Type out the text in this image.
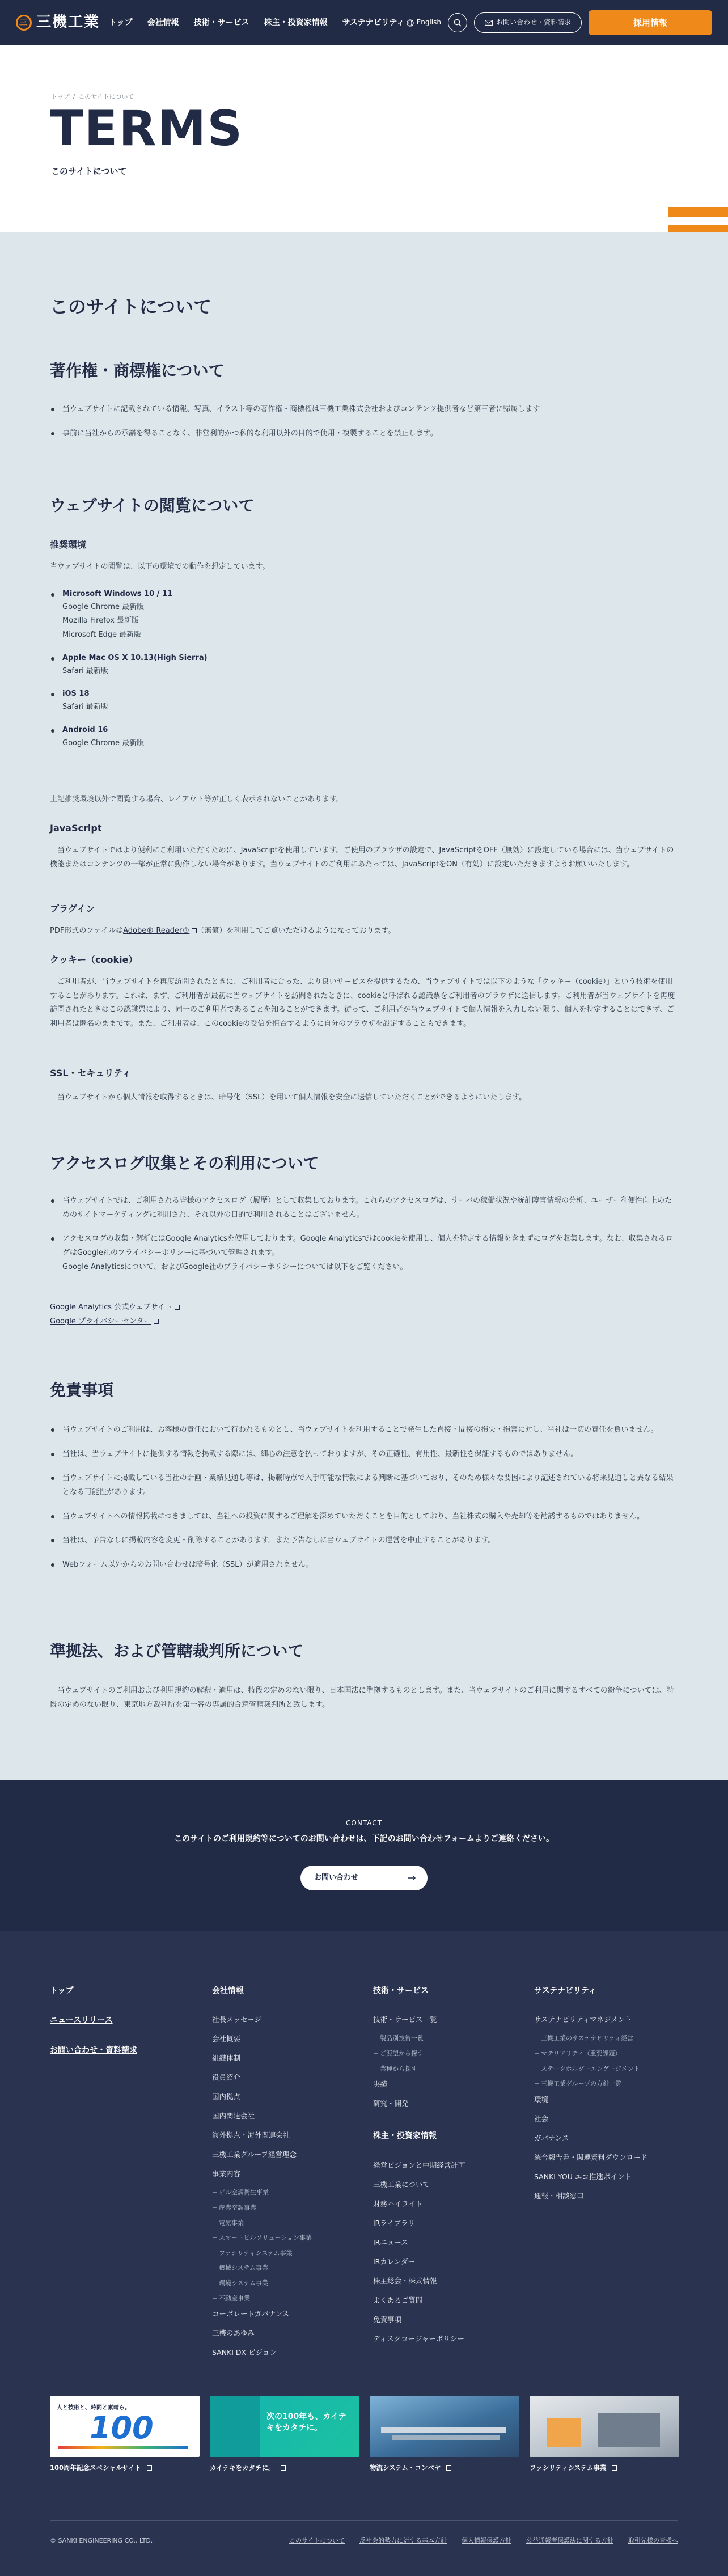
三 三機工業 トップ 会社情報 技術・サービス 株主・投資家情報 サステナビリティ English	お問い合わせ・資料請求	採用情報
トップ / このサイトについて
TERMS
このサイトについて
このサイトについて
著作権・商標権について
当ウェブサイトに記載されている情報、写真、イラスト等の著作権・商標権は三機工業株式会社およびコンテンツ提供者など第三者に帰属します
事前に当社からの承諾を得ることなく、非営利的かつ私的な利用以外の目的で使用・複製することを禁止します。
ウェブサイトの閲覧について
推奨環境

当ウェブサイトの閲覧は、以下の環境での動作を想定しています。

Microsoft Windows 10 / 11
Google Chrome 最新版
Mozilla Firefox 最新版
Microsoft Edge 最新版
Apple Mac OS X 10.13(High Sierra)
Safari 最新版
iOS 18
Safari 最新版
Android 16
Google Chrome 最新版

上記推奨環境以外で閲覧する場合、レイアウト等が正しく表示されないことがあります。

JavaScript

当ウェブサイトではより便利にご利用いただくために、JavaScriptを使用しています。ご使用のブラウザの設定で、JavaScriptをOFF（無効）に設定している場合には、当ウェブサイトの機能またはコンテンツの一部が正常に動作しない場合があります。当ウェブサイトのご利用にあたっては、JavaScriptをON（有効）に設定いただきますようお願いいたします。

プラグイン

PDF形式のファイルはAdobe® Reader® （無償）を利用してご覧いただけるようになっております。

クッキー（cookie）

ご利用者が、当ウェブサイトを再度訪問されたときに、ご利用者に合った、より良いサービスを提供するため、当ウェブサイトでは以下のような「クッキー（cookie）」という技術を使用することがあります。これは、まず、ご利用者が最初に当ウェブサイトを訪問されたときに、cookieと呼ばれる認識票をご利用者のブラウザに送信します。ご利用者が当ウェブサイトを再度訪問されたときはこの認識票により、同一のご利用者であることを知ることができます。従って、ご利用者が当ウェブサイトで個人情報を入力しない限り、個人を特定することはできず、ご利用者は匿名のままです。また、ご利用者は、このcookieの受信を拒否するように自分のブラウザを設定することもできます。

SSL・セキュリティ

当ウェブサイトから個人情報を取得するときは、暗号化（SSL）を用いて個人情報を安全に送信していただくことができるようにいたします。

アクセスログ収集とその利用について
当ウェブサイトでは、ご利用される皆様のアクセスログ（履歴）として収集しております。これらのアクセスログは、サーバの稼働状況や統計障害情報の分析、ユーザー利便性向上のためのサイトマーケティングに利用され、それ以外の目的で利用されることはございません。
アクセスログの収集・解析にはGoogle Analyticsを使用しております。Google Analyticsではcookieを使用し、個人を特定する情報を含まずにログを収集します。なお、収集されるログはGoogle社のプライバシーポリシーに基づいて管理されます。
Google Analyticsについて、およびGoogle社のプライバシーポリシーについては以下をご覧ください。
Google Analytics 公式ウェブサイト
Google プライバシーセンター
免責事項
当ウェブサイトのご利用は、お客様の責任において行われるものとし、当ウェブサイトを利用することで発生した直接・間接の損失・損害に対し、当社は一切の責任を負いません。
当社は、当ウェブサイトに提供する情報を掲載する際には、細心の注意を払っておりますが、その正確性、有用性、最新性を保証するものではありません。
当ウェブサイトに掲載している当社の計画・業績見通し等は、掲載時点で入手可能な情報による判断に基づいており、そのため様々な要因により記述されている将来見通しと異なる結果となる可能性があります。
当ウェブサイトへの情報掲載につきましては、当社への投資に関するご理解を深めていただくことを目的としており、当社株式の購入や売却等を勧誘するものではありません。
当社は、予告なしに掲載内容を変更・削除することがあります。また予告なしに当ウェブサイトの運営を中止することがあります。
Webフォーム以外からのお問い合わせは暗号化（SSL）が適用されません。
準拠法、および管轄裁判所について

当ウェブサイトのご利用および利用規約の解釈・適用は、特段の定めのない限り、日本国法に準拠するものとします。また、当ウェブサイトのご利用に関するすべての紛争については、特段の定めのない限り、東京地方裁判所を第一審の専属的合意管轄裁判所と致します。

CONTACT
このサイトのご利用規約等についてのお問い合わせは、下記のお問い合わせフォームよりご連絡ください。
お問い合わせ
トップ
ニュースリリース
お問い合わせ・資料請求
会社情報
社長メッセージ
会社概要
組織体制
役員紹介
国内拠点
国内関連会社
海外拠点・海外関連会社
三機工業グループ経営理念
事業内容
− ビル空調衛生事業
− 産業空調事業
− 電気事業
− スマートビルソリューション事業
− ファシリティシステム事業
− 機械システム事業
− 環境システム事業
− 不動産事業
コーポレートガバナンス
三機のあゆみ
SANKI DX ビジョン
技術・サービス
技術・サービス一覧
− 製品別技術一覧
− ご要望から探す
− 業種から探す
実績
研究・開発
株主・投資家情報
経営ビジョンと中期経営計画
三機工業について
財務ハイライト
IRライブラリ
IRニュース
IRカレンダー
株主総会・株式情報
よくあるご質問
免責事項
ディスクロージャーポリシー
サステナビリティ
サステナビリティマネジメント
− 三機工業のサステナビリティ経営
− マテリアリティ（重要課題）
− ステークホルダーエンゲージメント
− 三機工業グループの方針一覧
環境
社会
ガバナンス
統合報告書・関連資料ダウンロード
SANKI YOU エコ推進ポイント
通報・相談窓口
人と技術と、時間と素晴ら。
100
100周年記念スペシャルサイト
次の100年も、カイテキをカタチに。
カイテキをカタチに。	物流システム・コンベヤ	ファシリティシステム事業
© SANKI ENGINEERING CO., LTD.	このサイトについて 反社会的勢力に対する基本方針 個人情報保護方針 公益通報者保護法に関する方針 取引先様の皆様へ
